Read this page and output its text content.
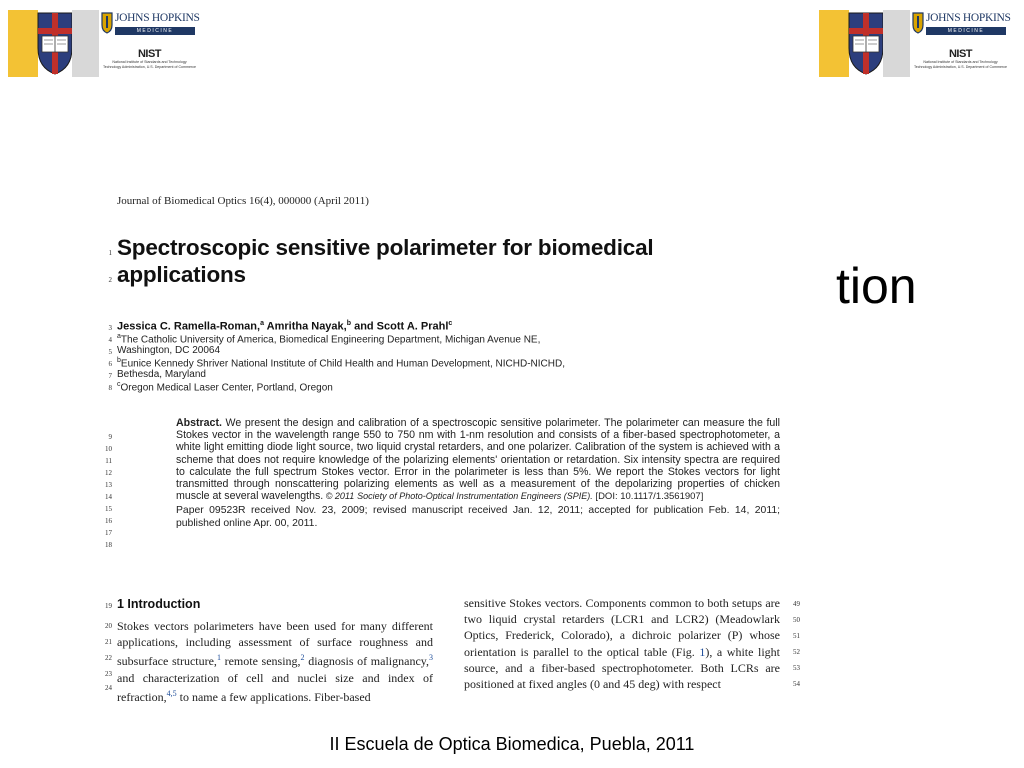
JOHNS HOPKINS
MEDICINE
NIST
National Institute of Standards and Technology
Technology Administration, U.S. Department of Commerce
JOHNS HOPKINS
MEDICINE
NIST
National Institute of Standards and Technology
Technology Administration, U.S. Department of Commerce
tion
Journal of Biomedical Optics 16(4), 000000 (April 2011)
1
2
Spectroscopic sensitive polarimeter for biomedical applications
3 Jessica C. Ramella-Roman,$^a$ Amritha Nayak,$^b$ and Scott A. Prahl$^c$
4 $^a$The Catholic University of America, Biomedical Engineering Department, Michigan Avenue NE,
5 Washington, DC 20064
6 $^b$Eunice Kennedy Shriver National Institute of Child Health and Human Development, NICHD-NICHD,
7 Bethesda, Maryland
8 $^c$Oregon Medical Laser Center, Portland, Oregon
9
10
11
12
13
14
15
16
17
18
Abstract. We present the design and calibration of a spectroscopic sensitive polarimeter. The polarimeter can measure the full Stokes vector in the wavelength range 550 to 750 nm with 1-nm resolution and consists of a fiber-based spectrophotometer, a white light emitting diode light source, two liquid crystal retarders, and one polarizer. Calibration of the system is achieved with a scheme that does not require knowledge of the polarizing elements' orientation or retardation. Six intensity spectra are required to calculate the full spectrum Stokes vector. Error in the polarimeter is less than 5%. We report the Stokes vectors for light transmitted through nonscattering polarizing elements as well as a measurement of the depolarizing properties of chicken muscle at several wavelengths. © 2011 Society of Photo-Optical Instrumentation Engineers (SPIE). [DOI: 10.1117/1.3561907]
Paper 09523R received Nov. 23, 2009; revised manuscript received Jan. 12, 2011; accepted for publication Feb. 14, 2011; published online Apr. 00, 2011.
19 1 Introduction
20
21
22
23
24
Stokes vectors polarimeters have been used for many different applications, including assessment of surface roughness and subsurface structure,$^1$ remote sensing,$^2$ diagnosis of malignancy,$^3$ and characterization of cell and nuclei size and index of refraction,$^{4,5}$ to name a few applications. Fiber-based
sensitive Stokes vectors. Components common to both setups are two liquid crystal retarders (LCR1 and LCR2) (Meadowlark Optics, Frederick, Colorado), a dichroic polarizer (P) whose orientation is parallel to the optical table (Fig. 1), a white light source, and a fiber-based spectrophotometer. Both LCRs are positioned at fixed angles (0 and 45 deg) with respect
49
50
51
52
53
54
II Escuela de Optica Biomedica, Puebla, 2011
